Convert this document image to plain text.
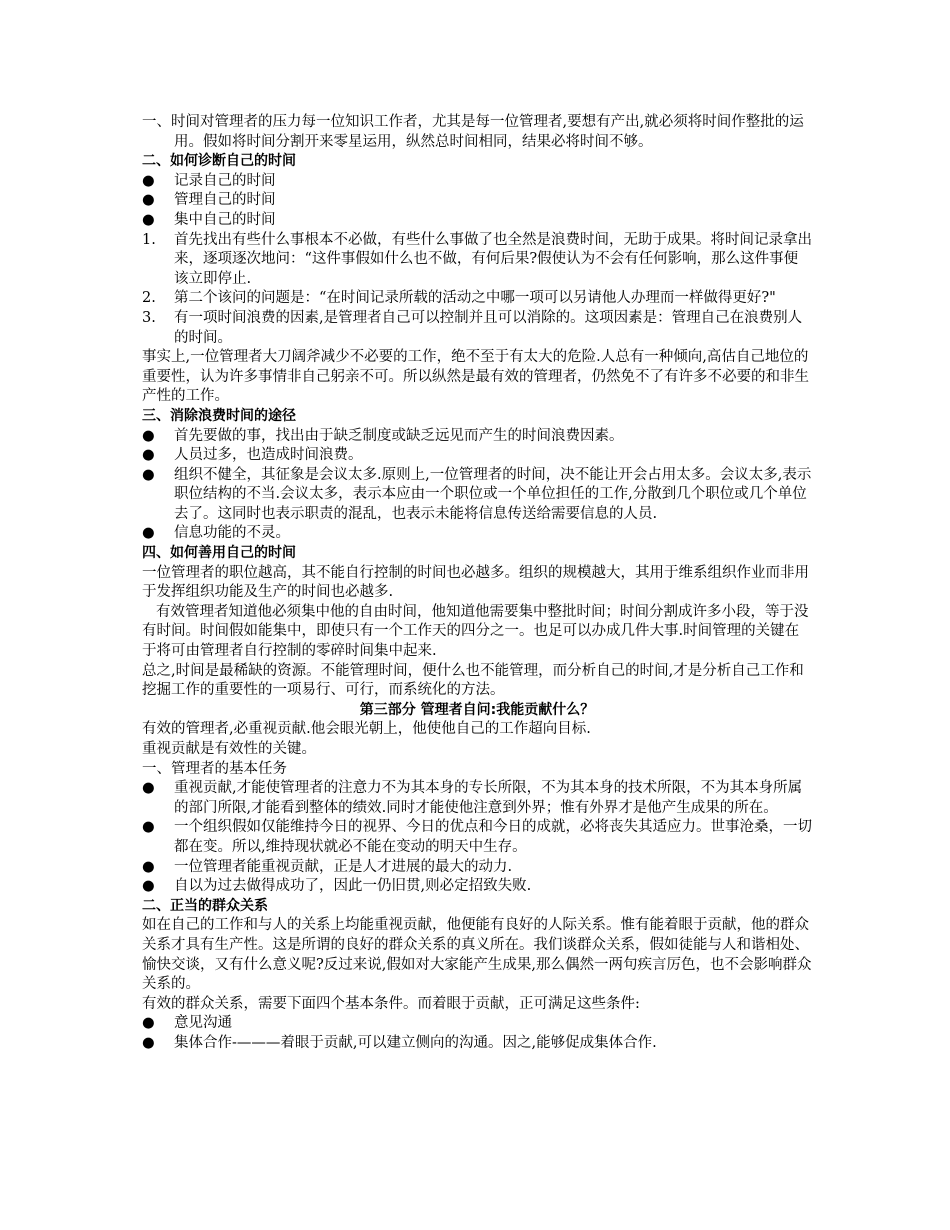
一、时间对管理者的压力每一位知识工作者，尤其是每一位管理者,要想有产出,就必须将时间作整批的运用。假如将时间分割开来零星运用，纵然总时间相同，结果必将时间不够。

二、如何诊断自己的时间

● 记录自己的时间
● 管理自己的时间
● 集中自己的时间
1. 首先找出有些什么事根本不必做，有些什么事做了也全然是浪费时间，无助于成果。将时间记录拿出来，逐项逐次地问：“这件事假如什么也不做，有何后果?假使认为不会有任何影响，那么这件事便该立即停止.
2. 第二个该问的问题是：“在时间记录所载的活动之中哪一项可以另请他人办理而一样做得更好?"
3. 有一项时间浪费的因素,是管理者自己可以控制并且可以消除的。这项因素是：管理自己在浪费别人的时间。

事实上,一位管理者大刀阔斧减少不必要的工作，绝不至于有太大的危险.人总有一种倾向,高估自己地位的重要性，认为许多事情非自己躬亲不可。所以纵然是最有效的管理者，仍然免不了有许多不必要的和非生产性的工作。

三、消除浪费时间的途径

● 首先要做的事，找出由于缺乏制度或缺乏远见而产生的时间浪费因素。
● 人员过多，也造成时间浪费。
● 组织不健全，其征象是会议太多.原则上,一位管理者的时间，决不能让开会占用太多。会议太多,表示职位结构的不当.会议太多，表示本应由一个职位或一个单位担任的工作,分散到几个职位或几个单位去了。这同时也表示职责的混乱，也表示未能将信息传送给需要信息的人员.
● 信息功能的不灵。

四、如何善用自己的时间

一位管理者的职位越高，其不能自行控制的时间也必越多。组织的规模越大，其用于维系组织作业而非用于发挥组织功能及生产的时间也必越多.

有效管理者知道他必须集中他的自由时间，他知道他需要集中整批时间；时间分割成许多小段，等于没有时间。时间假如能集中，即使只有一个工作天的四分之一。也足可以办成几件大事.时间管理的关键在于将可由管理者自行控制的零碎时间集中起来.

总之,时间是最稀缺的资源。不能管理时间，便什么也不能管理，而分析自己的时间,才是分析自己工作和挖掘工作的重要性的一项易行、可行，而系统化的方法。

第三部分 管理者自问:我能贡献什么？

有效的管理者,必重视贡献.他会眼光朝上，他使他自己的工作超向目标.

重视贡献是有效性的关键。

一、管理者的基本任务

● 重视贡献,才能使管理者的注意力不为其本身的专长所限，不为其本身的技术所限，不为其本身所属的部门所限,才能看到整体的绩效.同时才能使他注意到外界；惟有外界才是他产生成果的所在。
● 一个组织假如仅能维持今日的视界、今日的优点和今日的成就，必将丧失其适应力。世事沧桑，一切都在变。所以,维持现状就必不能在变动的明天中生存。
● 一位管理者能重视贡献，正是人才进展的最大的动力.
● 自以为过去做得成功了，因此一仍旧贯,则必定招致失败.

二、正当的群众关系

如在自己的工作和与人的关系上均能重视贡献，他便能有良好的人际关系。惟有能着眼于贡献，他的群众关系才具有生产性。这是所谓的良好的群众关系的真义所在。我们谈群众关系，假如徒能与人和谐相处、愉快交谈，又有什么意义呢?反过来说,假如对大家能产生成果,那么偶然一两句疾言厉色，也不会影响群众关系的。

有效的群众关系，需要下面四个基本条件。而着眼于贡献，正可满足这些条件:

● 意见沟通
● 集体合作-———着眼于贡献,可以建立侧向的沟通。因之,能够促成集体合作.
